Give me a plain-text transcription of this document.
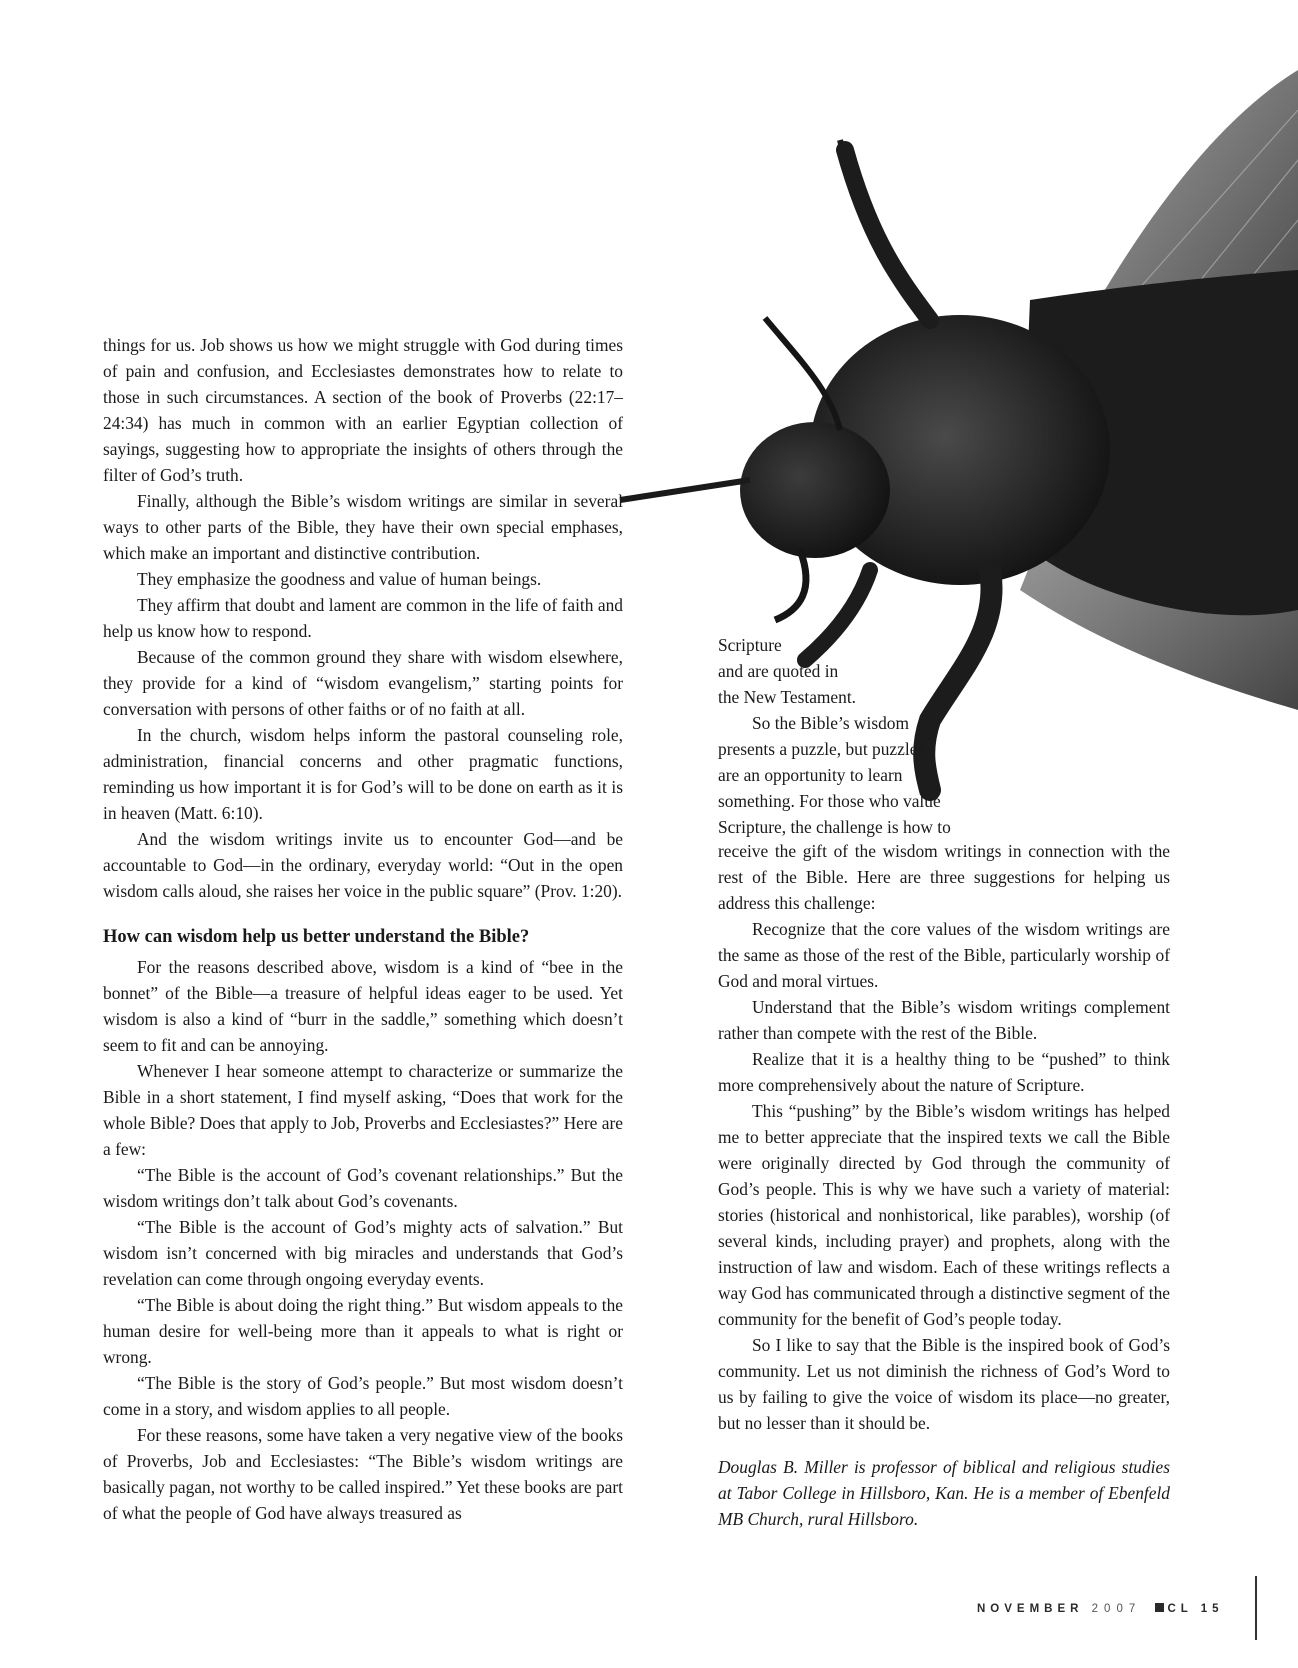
things for us. Job shows us how we might struggle with God during times of pain and confusion, and Ecclesiastes demonstrates how to relate to those in such circumstances. A section of the book of Proverbs (22:17–24:34) has much in common with an earlier Egyptian collection of sayings, suggesting how to appropriate the insights of others through the filter of God’s truth.

Finally, although the Bible’s wisdom writings are similar in several ways to other parts of the Bible, they have their own special emphases, which make an important and distinctive contribution.

They emphasize the goodness and value of human beings.

They affirm that doubt and lament are common in the life of faith and help us know how to respond.

Because of the common ground they share with wisdom elsewhere, they provide for a kind of “wisdom evangelism,” starting points for conversation with persons of other faiths or of no faith at all.

In the church, wisdom helps inform the pastoral counseling role, administration, financial concerns and other pragmatic functions, reminding us how important it is for God’s will to be done on earth as it is in heaven (Matt. 6:10).

And the wisdom writings invite us to encounter God—and be accountable to God—in the ordinary, everyday world: “Out in the open wisdom calls aloud, she raises her voice in the public square” (Prov. 1:20).

How can wisdom help us better understand the Bible?

For the reasons described above, wisdom is a kind of “bee in the bonnet” of the Bible—a treasure of helpful ideas eager to be used. Yet wisdom is also a kind of “burr in the saddle,” something which doesn’t seem to fit and can be annoying.

Whenever I hear someone attempt to characterize or summarize the Bible in a short statement, I find myself asking, “Does that work for the whole Bible? Does that apply to Job, Proverbs and Ecclesiastes?” Here are a few:

“The Bible is the account of God’s covenant relationships.” But the wisdom writings don’t talk about God’s covenants.

“The Bible is the account of God’s mighty acts of salvation.” But wisdom isn’t concerned with big miracles and understands that God’s revelation can come through ongoing everyday events.

“The Bible is about doing the right thing.” But wisdom appeals to the human desire for well-being more than it appeals to what is right or wrong.

“The Bible is the story of God’s people.” But most wisdom doesn’t come in a story, and wisdom applies to all people.

For these reasons, some have taken a very negative view of the books of Proverbs, Job and Ecclesiastes: “The Bible’s wisdom writings are basically pagan, not worthy to be called inspired.” Yet these books are part of what the people of God have always treasured as

Scripture

and are quoted in

the New Testament.

So the Bible’s wisdom

presents a puzzle, but puzzles

are an opportunity to learn

something. For those who value

Scripture, the challenge is how to

receive the gift of the wisdom writings in connection with the rest of the Bible. Here are three suggestions for helping us address this challenge:

Recognize that the core values of the wisdom writings are the same as those of the rest of the Bible, particularly worship of God and moral virtues.

Understand that the Bible’s wisdom writings complement rather than compete with the rest of the Bible.

Realize that it is a healthy thing to be “pushed” to think more comprehensively about the nature of Scripture.

This “pushing” by the Bible’s wisdom writings has helped me to better appreciate that the inspired texts we call the Bible were originally directed by God through the community of God’s people. This is why we have such a variety of material: stories (historical and nonhistorical, like parables), worship (of several kinds, including prayer) and prophets, along with the instruction of law and wisdom. Each of these writings reflects a way God has communicated through a distinctive segment of the community for the benefit of God’s people today.

So I like to say that the Bible is the inspired book of God’s community. Let us not diminish the richness of God’s Word to us by failing to give the voice of wisdom its place—no greater, but no lesser than it should be.

Douglas B. Miller is professor of biblical and religious studies at Tabor College in Hillsboro, Kan. He is a member of Ebenfeld MB Church, rural Hillsboro.

NOVEMBER 2007 CL 15
